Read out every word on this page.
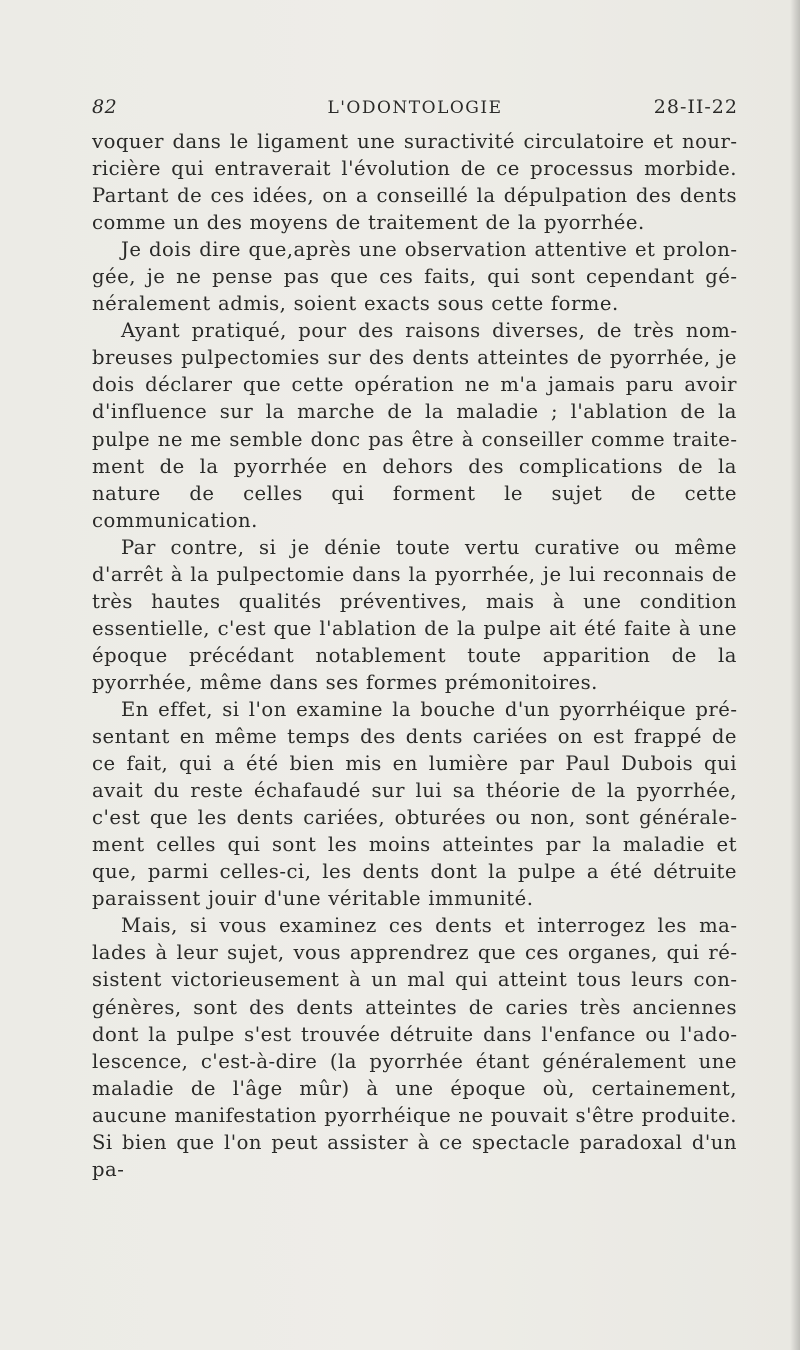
82	L'ODONTOLOGIE	28-II-22

voquer dans le ligament une suractivité circulatoire et nourricière qui entraverait l'évolution de ce processus morbide. Partant de ces idées, on a conseillé la dépulpation des dents comme un des moyens de traitement de la pyorrhée.

Je dois dire que,après une observation attentive et prolongée, je ne pense pas que ces faits, qui sont cependant généralement admis, soient exacts sous cette forme.

Ayant pratiqué, pour des raisons diverses, de très nombreuses pulpectomies sur des dents atteintes de pyorrhée, je dois déclarer que cette opération ne m'a jamais paru avoir d'influence sur la marche de la maladie ; l'ablation de la pulpe ne me semble donc pas être à conseiller comme traitement de la pyorrhée en dehors des complications de la nature de celles qui forment le sujet de cette communication.

Par contre, si je dénie toute vertu curative ou même d'arrêt à la pulpectomie dans la pyorrhée, je lui reconnais de très hautes qualités préventives, mais à une condition essentielle, c'est que l'ablation de la pulpe ait été faite à une époque précédant notablement toute apparition de la pyorrhée, même dans ses formes prémonitoires.

En effet, si l'on examine la bouche d'un pyorrhéique présentant en même temps des dents cariées on est frappé de ce fait, qui a été bien mis en lumière par Paul Dubois qui avait du reste échafaudé sur lui sa théorie de la pyorrhée, c'est que les dents cariées, obturées ou non, sont généralement celles qui sont les moins atteintes par la maladie et que, parmi celles-ci, les dents dont la pulpe a été détruite paraissent jouir d'une véritable immunité.

Mais, si vous examinez ces dents et interrogez les malades à leur sujet, vous apprendrez que ces organes, qui résistent victorieusement à un mal qui atteint tous leurs congénères, sont des dents atteintes de caries très anciennes dont la pulpe s'est trouvée détruite dans l'enfance ou l'adolescence, c'est-à-dire (la pyorrhée étant généralement une maladie de l'âge mûr) à une époque où, certainement, aucune manifestation pyorrhéique ne pouvait s'être produite. Si bien que l'on peut assister à ce spectacle paradoxal d'un pa-
